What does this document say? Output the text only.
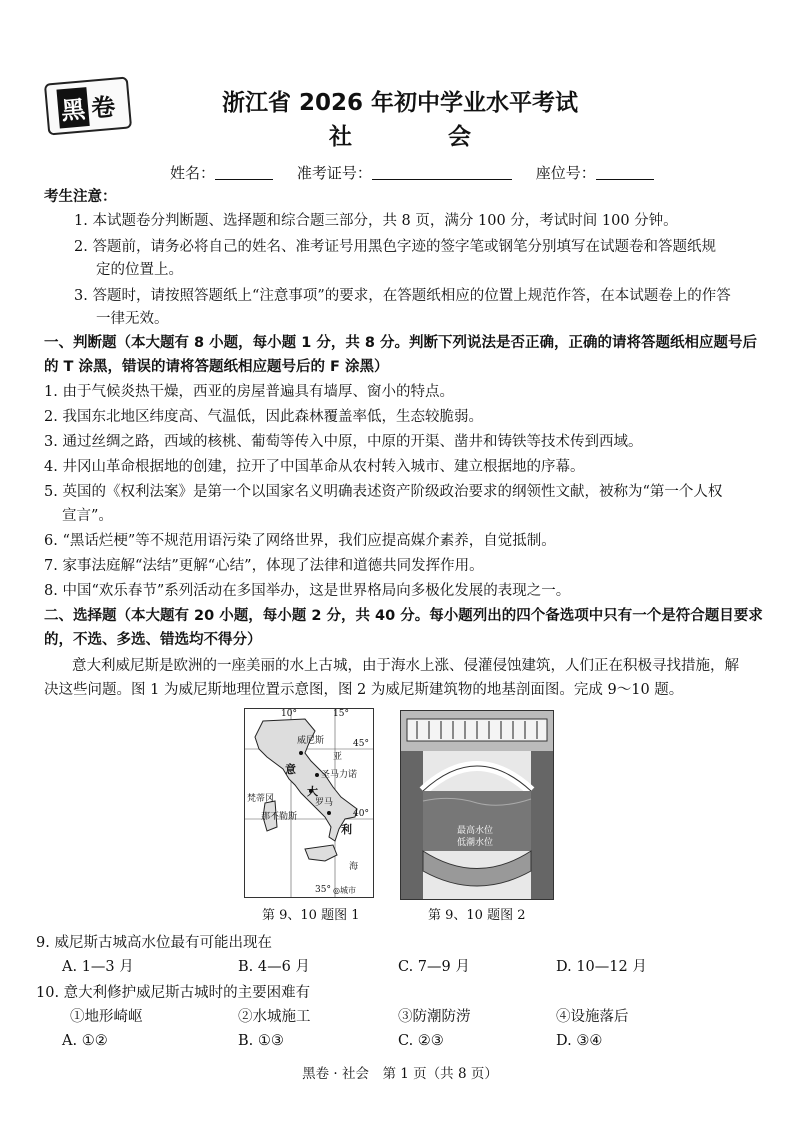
黑 卷	浙江省 2026 年初中学业水平考试
社 会
姓名：	准考证号：	座位号：
考生注意：
1. 本试题卷分判断题、选择题和综合题三部分，共 8 页，满分 100 分，考试时间 100 分钟。
2. 答题前，请务必将自己的姓名、准考证号用黑色字迹的签字笔或钢笔分别填写在试题卷和答题纸规
定的位置上。
3. 答题时，请按照答题纸上“注意事项”的要求，在答题纸相应的位置上规范作答，在本试题卷上的作答
一律无效。
一、判断题（本大题有 8 小题，每小题 1 分，共 8 分。判断下列说法是否正确，正确的请将答题纸相应题号后
的 T 涂黑，错误的请将答题纸相应题号后的 F 涂黑）
1. 由于气候炎热干燥，西亚的房屋普遍具有墙厚、窗小的特点。
2. 我国东北地区纬度高、气温低，因此森林覆盖率低，生态较脆弱。
3. 通过丝绸之路，西域的核桃、葡萄等传入中原，中原的开渠、凿井和铸铁等技术传到西域。
4. 井冈山革命根据地的创建，拉开了中国革命从农村转入城市、建立根据地的序幕。
5. 英国的《权利法案》是第一个以国家名义明确表述资产阶级政治要求的纲领性文献，被称为“第一个人权
宣言”。
6. “黑话烂梗”等不规范用语污染了网络世界，我们应提高媒介素养，自觉抵制。
7. 家事法庭解“法结”更解“心结”，体现了法律和道德共同发挥作用。
8. 中国“欢乐春节”系列活动在多国举办，这是世界格局向多极化发展的表现之一。
二、选择题（本大题有 20 小题，每小题 2 分，共 40 分。每小题列出的四个备选项中只有一个是符合题目要求
的，不选、多选、错选均不得分）
意大利威尼斯是欧洲的一座美丽的水上古城，由于海水上涨、侵灌侵蚀建筑，人们正在积极寻找措施，解
决这些问题。图 1 为威尼斯地理位置示意图，图 2 为威尼斯建筑物的地基剖面图。完成 9～10 题。
10°	15°
45°
40°
35°
威尼斯
圣马力诺
梵蒂冈	罗马
那不勒斯
意
大
利
亚
海
◎城市
第 9、10 题图 1
最高水位
低潮水位
第 9、10 题图 2
9. 威尼斯古城高水位最有可能出现在
A. 1—3 月	B. 4—6 月	C. 7—9 月	D. 10—12 月
10. 意大利修护威尼斯古城时的主要困难有
①地形崎岖	②水城施工	③防潮防涝	④设施落后
A. ①②	B. ①③	C. ②③	D. ③④
黑卷 · 社会　第 1 页（共 8 页）
